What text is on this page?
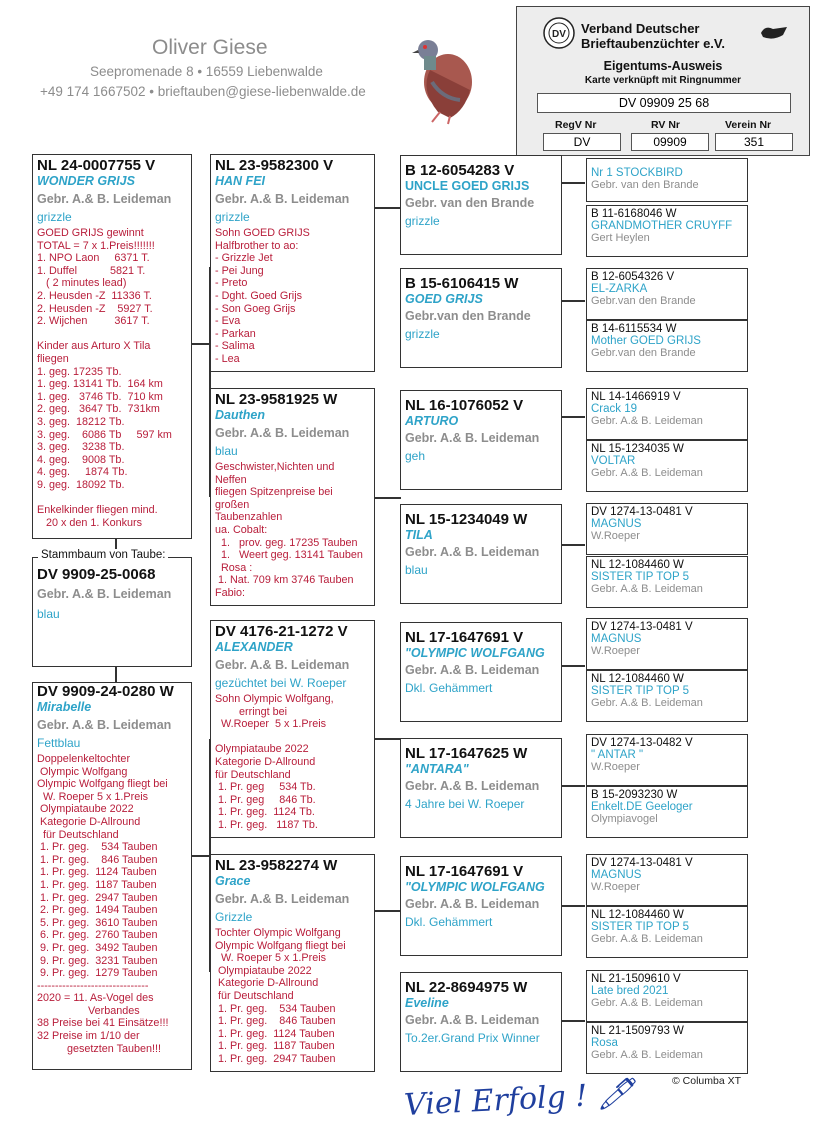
Oliver Giese
Seepromenade 8 • 16559 Liebenwalde
+49 174 1667502 • brieftauben@giese-liebenwalde.de
DV Verband Deutscher
Brieftaubenzüchter e.V.
Eigentums-Ausweis
Karte verknüpft mit Ringnummer
DV 09909 25 68
RegV Nr	RV Nr	Verein Nr
DV	09909	351
NL 24-0007755 V
WONDER GRIJS
Gebr. A.& B. Leideman
grizzle
GOED GRIJS gewinnt
TOTAL = 7 x 1.Preis!!!!!!!
1. NPO Laon     6371 T.
1. Duffel           5821 T.
( 2 minutes lead)
2. Heusden -Z  11336 T.
2. Heusden -Z    5927 T.
2. Wijchen         3617 T.

Kinder aus Arturo X Tila
fliegen
1. geg. 17235 Tb.
1. geg. 13141 Tb.  164 km
1. geg.   3746 Tb.  710 km
2. geg.   3647 Tb.  731km
3. geg.  18212 Tb.
3. geg.    6086 Tb     597 km
3. geg.    3238 Tb.
4. geg.    9008 Tb.
4. geg.     1874 Tb.
9. geg.  18092 Tb.

Enkelkinder fliegen mind.
20 x den 1. Konkurs
DV 9909-25-0068
Gebr. A.& B. Leideman
blau
Stammbaum von Taube:
DV 9909-24-0280 W
Mirabelle
Gebr. A.& B. Leideman
Fettblau
Doppelenkeltochter
Olympic Wolfgang
Olympic Wolfgang fliegt bei
W. Roeper 5 x 1.Preis
Olympiataube 2022
Kategorie D-Allround
für Deutschland
1. Pr. geg.    534 Tauben
1. Pr. geg.    846 Tauben
1. Pr. geg.  1124 Tauben
1. Pr. geg.  1187 Tauben
1. Pr. geg.  2947 Tauben
2. Pr. geg.  1494 Tauben
5. Pr. geg.  3610 Tauben
6. Pr. geg.  2760 Tauben
9. Pr. geg.  3492 Tauben
9. Pr. geg.  3231 Tauben
9. Pr. geg.  1279 Tauben
-------------------------------
2020 = 11. As-Vogel des
Verbandes
38 Preise bei 41 Einsätze!!!
32 Preise im 1/10 der
gesetzten Tauben!!!
NL 23-9582300 V
HAN FEI
Gebr. A.& B. Leideman
grizzle
Sohn GOED GRIJS
Halfbrother to ao:
- Grizzle Jet
- Pei Jung
- Preto
- Dght. Goed Grijs
- Son Goeg Grijs
- Eva
- Parkan
- Salima
- Lea
NL 23-9581925 W
Dauthen
Gebr. A.& B. Leideman
blau
Geschwister,Nichten und
Neffen
fliegen Spitzenpreise bei
großen
Taubenzahlen
ua. Cobalt:
1.   prov. geg. 17235 Tauben
1.   Weert geg. 13141 Tauben
Rosa :
1. Nat. 709 km 3746 Tauben
Fabio:
DV 4176-21-1272 V
ALEXANDER
Gebr. A.& B. Leideman
gezüchtet bei W. Roeper
Sohn Olympic Wolfgang,
erringt bei
W.Roeper  5 x 1.Preis

Olympiataube 2022
Kategorie D-Allround
für Deutschland
1. Pr. geg     534 Tb.
1. Pr. geg     846 Tb.
1. Pr. geg.  1124 Tb.
1. Pr. geg.   1187 Tb.
NL 23-9582274 W
Grace
Gebr. A.& B. Leideman
Grizzle
Tochter Olympic Wolfgang
Olympic Wolfgang fliegt bei
W. Roeper 5 x 1.Preis
Olympiataube 2022
Kategorie D-Allround
für Deutschland
1. Pr. geg.    534 Tauben
1. Pr. geg.    846 Tauben
1. Pr. geg.  1124 Tauben
1. Pr. geg.  1187 Tauben
1. Pr. geg.  2947 Tauben
B 12-6054283 V
UNCLE GOED GRIJS
Gebr. van den Brande
grizzle
B 15-6106415 W
GOED GRIJS
Gebr.van den Brande
grizzle
NL 16-1076052 V
ARTURO
Gebr. A.& B. Leideman
geh
NL 15-1234049 W
TILA
Gebr. A.& B. Leideman
blau
NL 17-1647691 V
"OLYMPIC WOLFGANG
Gebr. A.& B. Leideman
Dkl. Gehämmert
NL 17-1647625 W
"ANTARA"
Gebr. A.& B. Leideman
4 Jahre bei W. Roeper
NL 17-1647691 V
"OLYMPIC WOLFGANG
Gebr. A.& B. Leideman
Dkl. Gehämmert
NL 22-8694975 W
Eveline
Gebr. A.& B. Leideman
To.2er.Grand Prix Winner
Nr 1 STOCKBIRD
Gebr. van den Brande
B 11-6168046 W
GRANDMOTHER CRUYFF
Gert Heylen
B 12-6054326 V
EL-ZARKA
Gebr.van den Brande
B 14-6115534 W
Mother GOED GRIJS
Gebr.van den Brande
NL 14-1466919 V
Crack 19
Gebr. A.& B. Leideman
NL 15-1234035 W
VOLTAR
Gebr. A.& B. Leideman
DV 1274-13-0481 V
MAGNUS
W.Roeper
NL 12-1084460 W
SISTER TIP TOP 5
Gebr. A.& B. Leideman
DV 1274-13-0481 V
MAGNUS
W.Roeper
NL 12-1084460 W
SISTER TIP TOP 5
Gebr. A.& B. Leideman
DV 1274-13-0482 V
" ANTAR "
W.Roeper
B 15-2093230 W
Enkelt.DE Geeloger
Olympiavogel
DV 1274-13-0481 V
MAGNUS
W.Roeper
NL 12-1084460 W
SISTER TIP TOP 5
Gebr. A.& B. Leideman
NL 21-1509610 V
Late bred 2021
Gebr. A.& B. Leideman
NL 21-1509793 W
Rosa
Gebr. A.& B. Leideman
© Columba XT
Viel Erfolg ! 🖊
